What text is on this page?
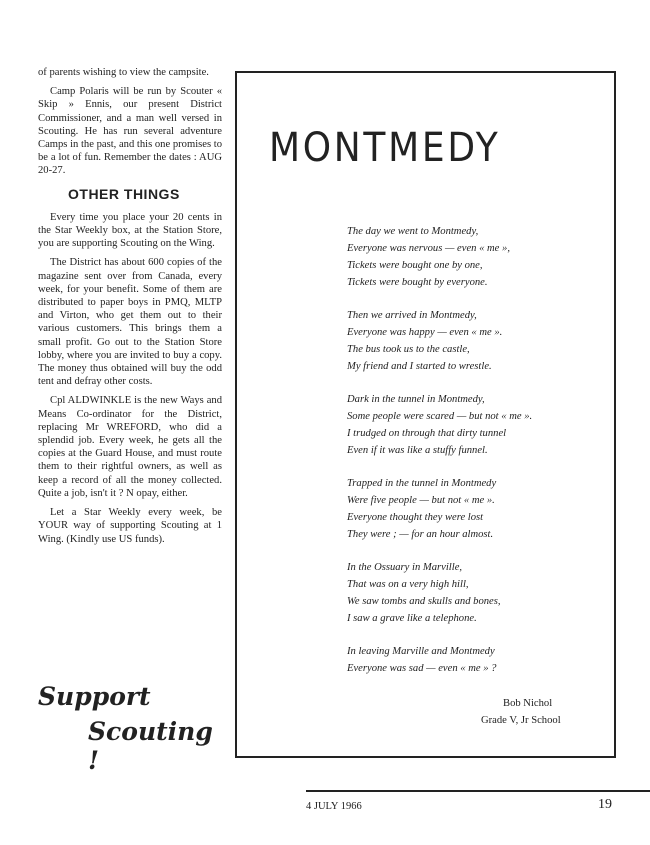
of parents wishing to view the campsite.

Camp Polaris will be run by Scouter « Skip » Ennis, our present District Commissioner, and a man well versed in Scouting. He has run several adventure Camps in the past, and this one promises to be a lot of fun. Remember the dates : AUG 20-27.

OTHER THINGS

Every time you place your 20 cents in the Star Weekly box, at the Station Store, you are supporting Scouting on the Wing.

The District has about 600 copies of the magazine sent over from Canada, every week, for your benefit. Some of them are distributed to paper boys in PMQ, MLTP and Virton, who get them out to their various customers. This brings them a small profit. Go out to the Station Store lobby, where you are invited to buy a copy. The money thus obtained will buy the odd tent and defray other costs.

Cpl ALDWINKLE is the new Ways and Means Co-ordinator for the District, replacing Mr WREFORD, who did a splendid job. Every week, he gets all the copies at the Guard House, and must route them to their rightful owners, as well as keep a record of all the money collected. Quite a job, isn't it ? N opay, either.

Let a Star Weekly every week, be YOUR way of supporting Scouting at 1 Wing. (Kindly use US funds).

Support
Scouting !
MONTMEDY
The day we went to Montmedy,
Everyone was nervous — even « me »,
Tickets were bought one by one,
Tickets were bought by everyone.
Then we arrived in Montmedy,
Everyone was happy — even « me ».
The bus took us to the castle,
My friend and I started to wrestle.
Dark in the tunnel in Montmedy,
Some people were scared — but not « me ».
I trudged on through that dirty tunnel
Even if it was like a stuffy funnel.
Trapped in the tunnel in Montmedy
Were five people — but not « me ».
Everyone thought they were lost
They were ; — for an hour almost.
In the Ossuary in Marville,
That was on a very high hill,
We saw tombs and skulls and bones,
I saw a grave like a telephone.
In leaving Marville and Montmedy
Everyone was sad — even « me » ?
Bob Nichol
Grade V, Jr School
4 JULY 1966	19
